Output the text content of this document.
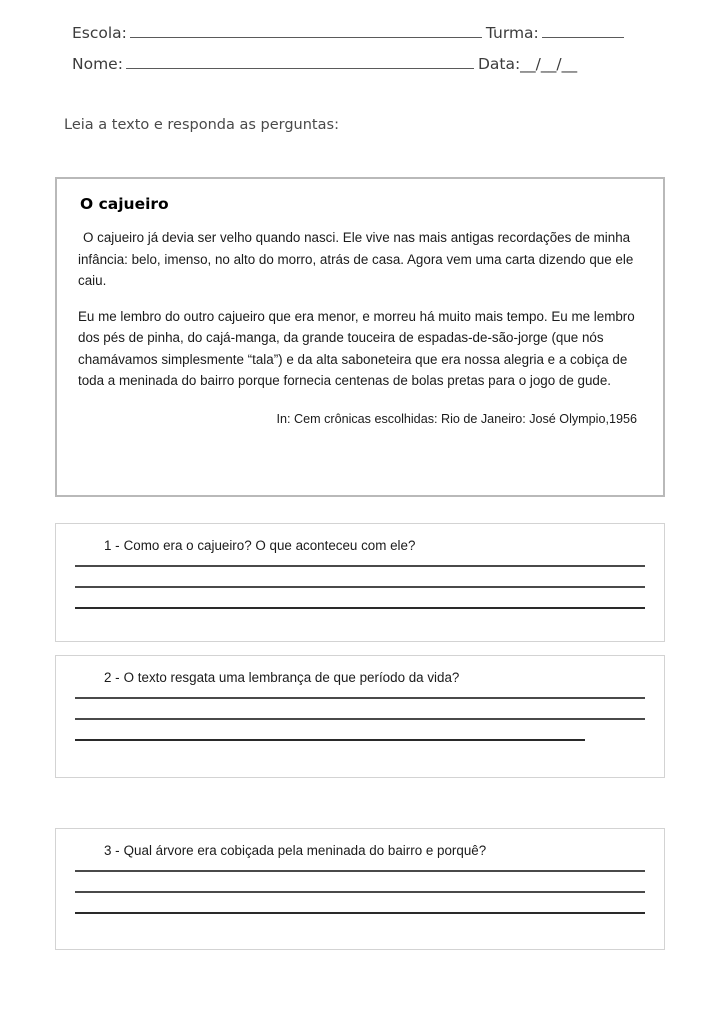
Escola:	Turma:
Nome:	Data: __/__/__
Leia a texto e responda as perguntas:
O cajueiro

O cajueiro já devia ser velho quando nasci. Ele vive nas mais antigas recordações de minha infância: belo, imenso, no alto do morro, atrás de casa. Agora vem uma carta dizendo que ele caiu.

Eu me lembro do outro cajueiro que era menor, e morreu há muito mais tempo. Eu me lembro dos pés de pinha, do cajá-manga, da grande touceira de espadas-de-são-jorge (que nós chamávamos simplesmente “tala”) e da alta saboneteira que era nossa alegria e a cobiça de toda a meninada do bairro porque fornecia centenas de bolas pretas para o jogo de gude.

In: Cem crônicas escolhidas: Rio de Janeiro: José Olympio,1956
1 - Como era o cajueiro? O que aconteceu com ele?
2 - O texto resgata uma lembrança de que período da vida?
3 - Qual árvore era cobiçada pela meninada do bairro e porquê?
